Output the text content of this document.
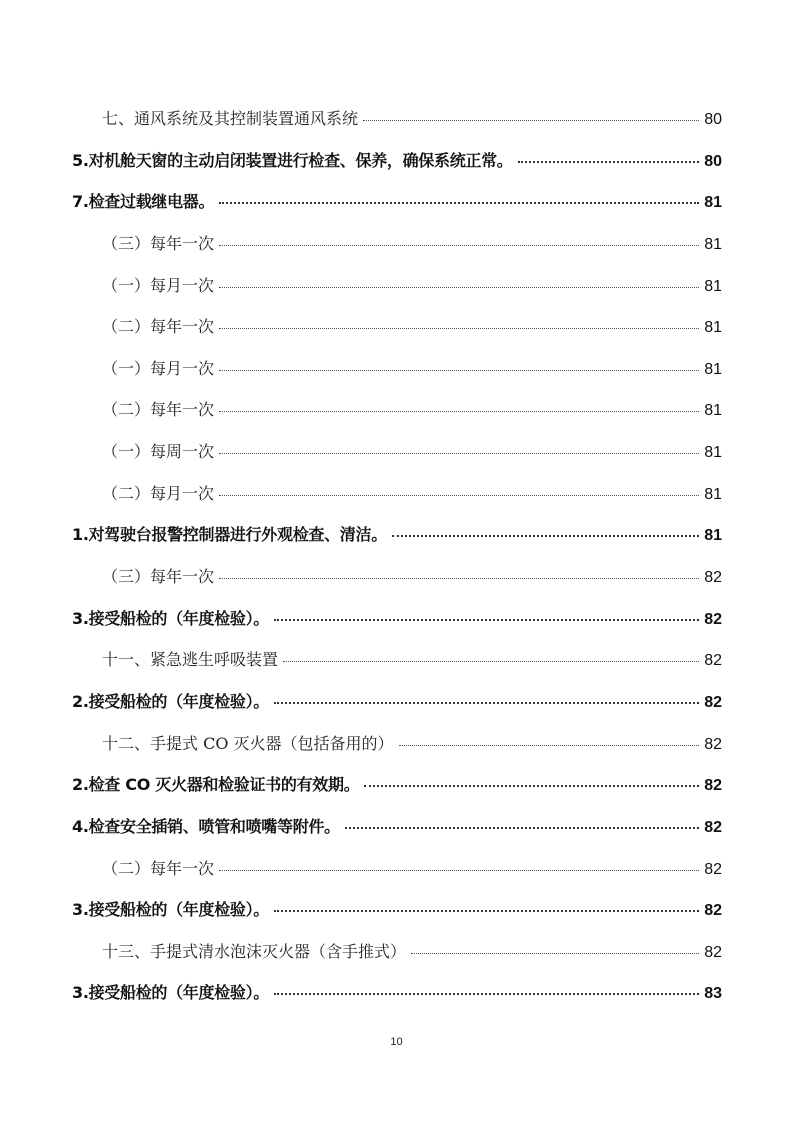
七、通风系统及其控制装置通风系统	80
5.对机舱天窗的主动启闭装置进行检查、保养，确保系统正常。	80
7.检查过载继电器。	81
（三）每年一次	81
（一）每月一次	81
（二）每年一次	81
（一）每月一次	81
（二）每年一次	81
（一）每周一次	81
（二）每月一次	81
1.对驾驶台报警控制器进行外观检查、清洁。	81
（三）每年一次	82
3.接受船检的（年度检验）。	82
十一、紧急逃生呼吸装置	82
2.接受船检的（年度检验）。	82
十二、手提式 CO 灭火器（包括备用的）	82
2.检查 CO 灭火器和检验证书的有效期。	82
4.检查安全插销、喷管和喷嘴等附件。	82
（二）每年一次	82
3.接受船检的（年度检验）。	82
十三、手提式清水泡沫灭火器（含手推式）	82
3.接受船检的（年度检验）。	83
10
